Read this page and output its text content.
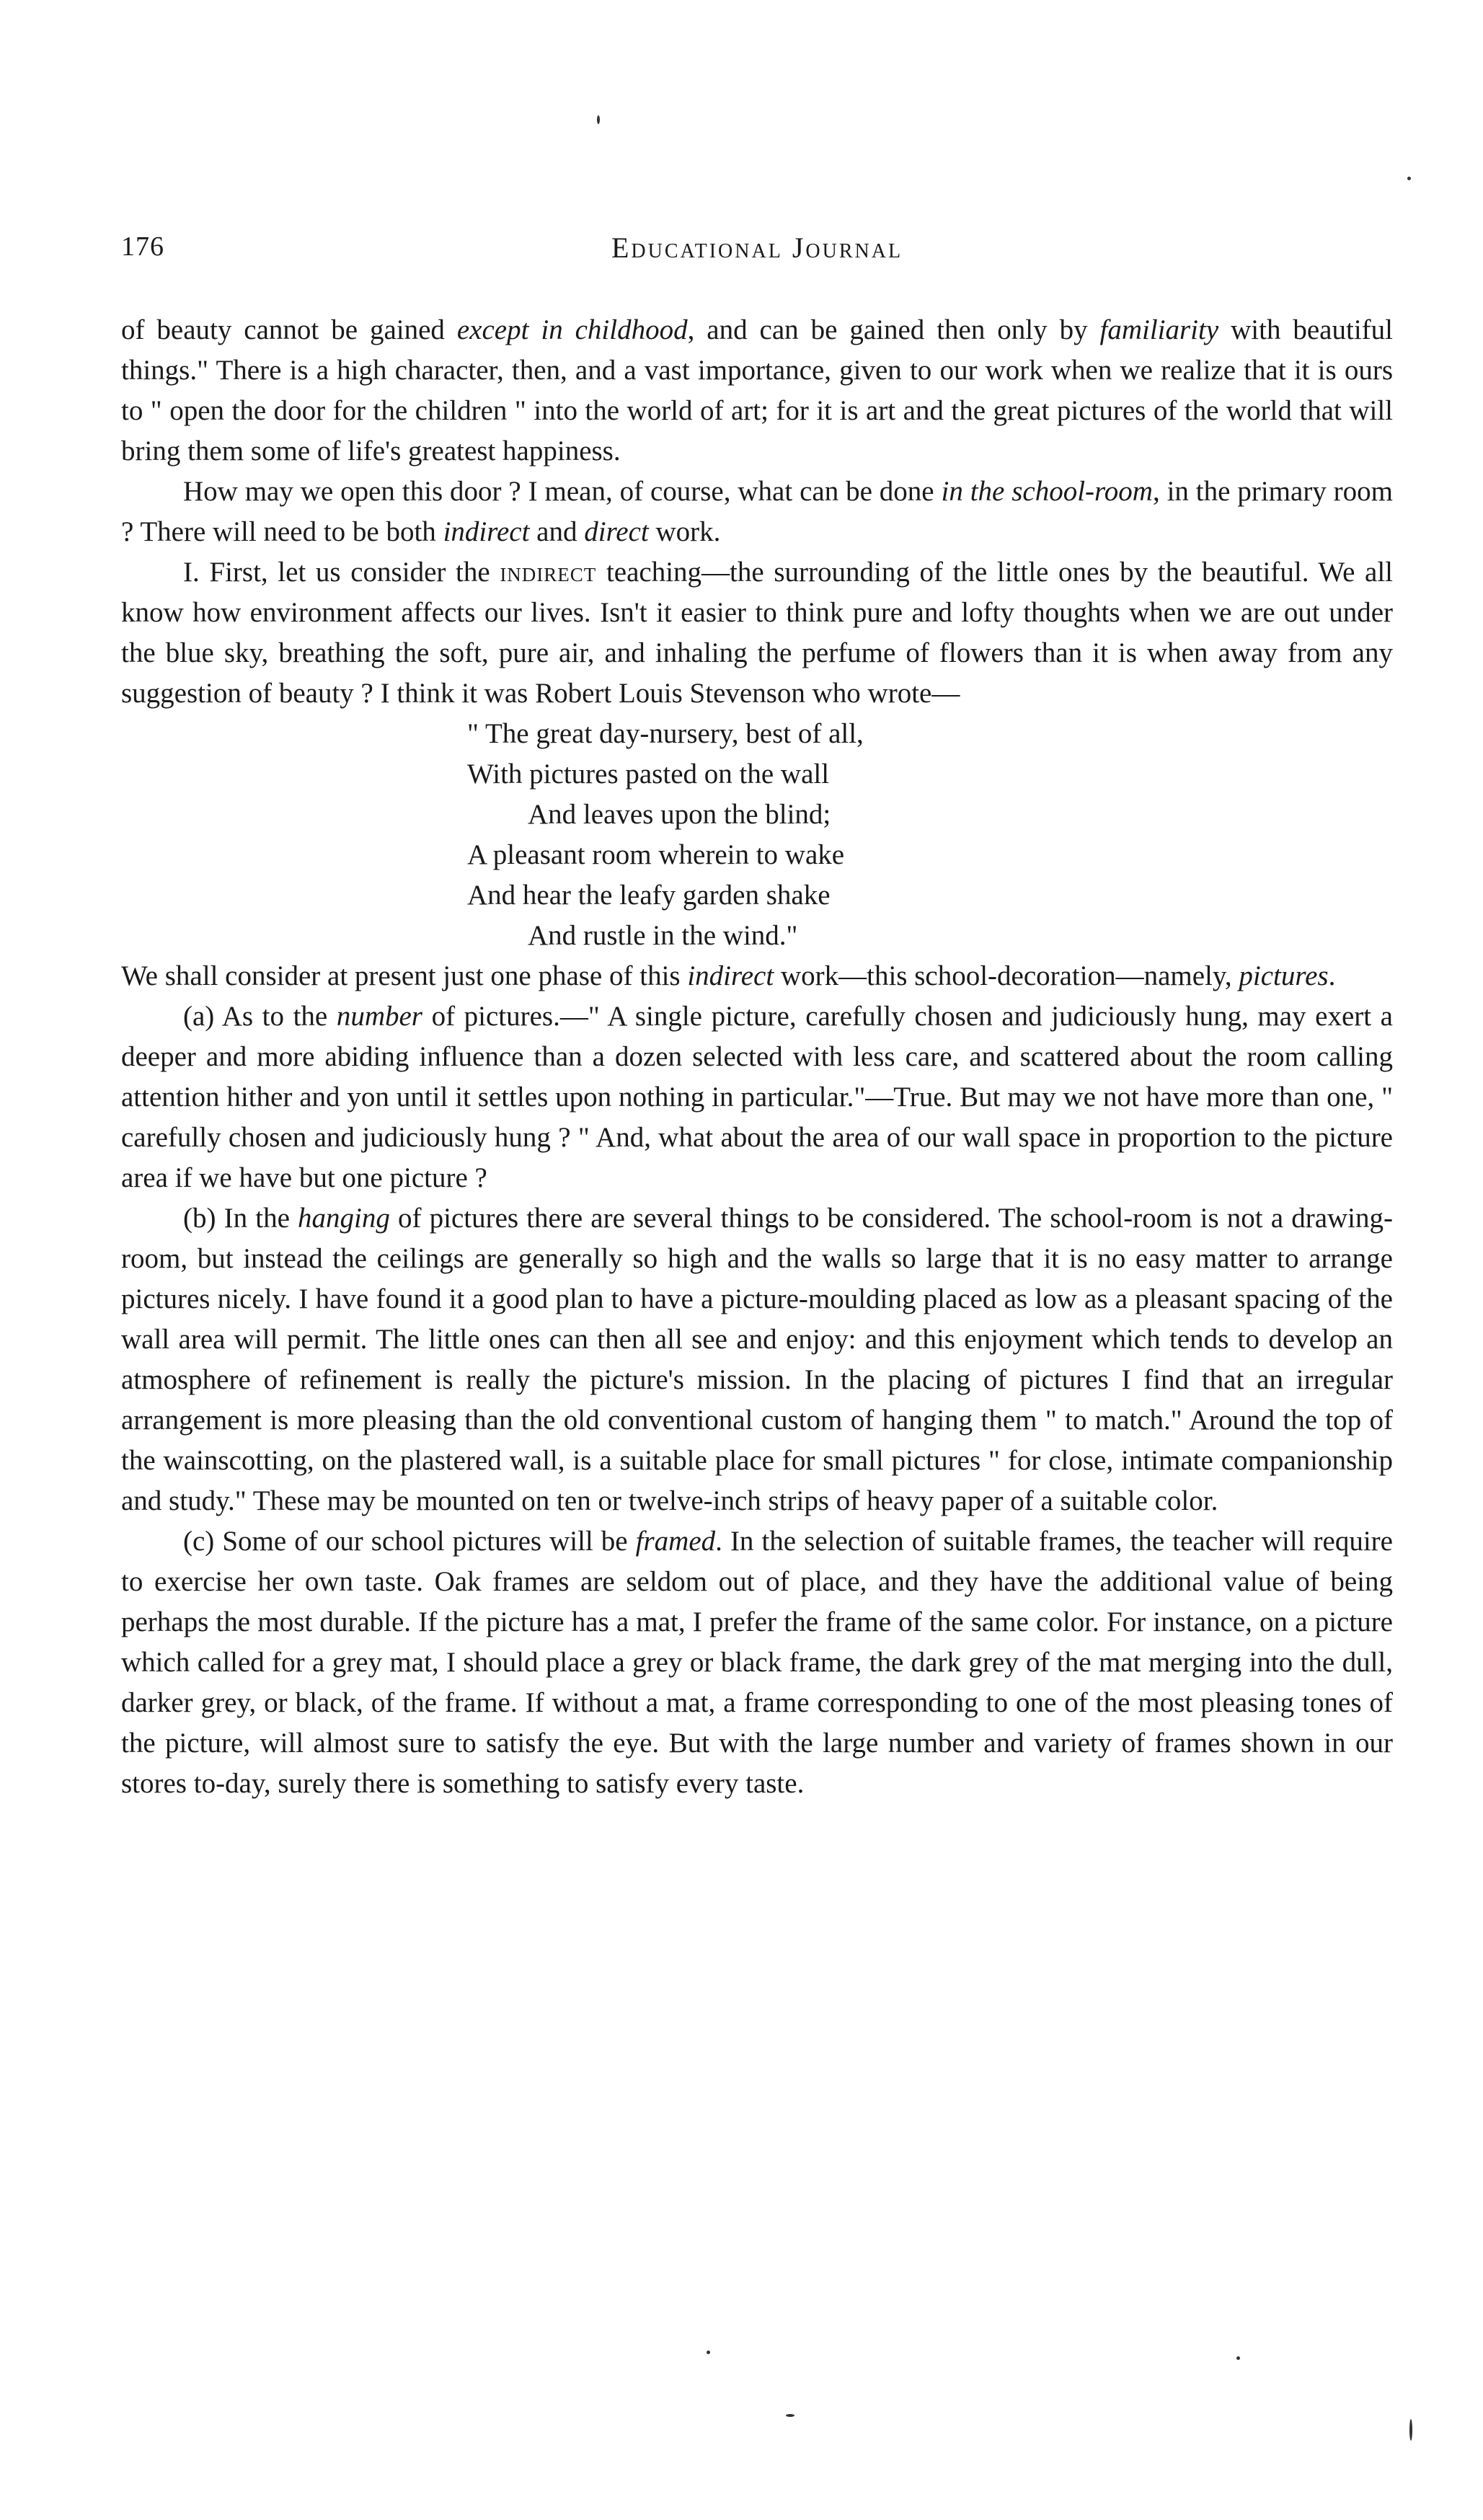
176	Educational Journal

of beauty cannot be gained except in childhood, and can be gained then only by familiarity with beautiful things." There is a high character, then, and a vast importance, given to our work when we realize that it is ours to " open the door for the children " into the world of art; for it is art and the great pictures of the world that will bring them some of life's greatest happiness.

How may we open this door ? I mean, of course, what can be done in the school-room, in the primary room ? There will need to be both indirect and direct work.

I. First, let us consider the indirect teaching—the surrounding of the little ones by the beautiful. We all know how environment affects our lives. Isn't it easier to think pure and lofty thoughts when we are out under the blue sky, breathing the soft, pure air, and inhaling the perfume of flowers than it is when away from any suggestion of beauty ? I think it was Robert Louis Stevenson who wrote—

" The great day-nursery, best of all,
With pictures pasted on the wall
And leaves upon the blind;
A pleasant room wherein to wake
And hear the leafy garden shake
And rustle in the wind."

We shall consider at present just one phase of this indirect work—this school-decoration—namely, pictures.

(a) As to the number of pictures.—" A single picture, carefully chosen and judiciously hung, may exert a deeper and more abiding influence than a dozen selected with less care, and scattered about the room calling attention hither and yon until it settles upon nothing in particular."—True. But may we not have more than one, " carefully chosen and judiciously hung ? " And, what about the area of our wall space in proportion to the picture area if we have but one picture ?

(b) In the hanging of pictures there are several things to be considered. The school-room is not a drawing-room, but instead the ceilings are generally so high and the walls so large that it is no easy matter to arrange pictures nicely. I have found it a good plan to have a picture-moulding placed as low as a pleasant spacing of the wall area will permit. The little ones can then all see and enjoy: and this enjoyment which tends to develop an atmosphere of refinement is really the picture's mission. In the placing of pictures I find that an irregular arrangement is more pleasing than the old conventional custom of hanging them " to match." Around the top of the wainscotting, on the plastered wall, is a suitable place for small pictures " for close, intimate companionship and study." These may be mounted on ten or twelve-inch strips of heavy paper of a suitable color.

(c) Some of our school pictures will be framed. In the selection of suitable frames, the teacher will require to exercise her own taste. Oak frames are seldom out of place, and they have the additional value of being perhaps the most durable. If the picture has a mat, I prefer the frame of the same color. For instance, on a picture which called for a grey mat, I should place a grey or black frame, the dark grey of the mat merging into the dull, darker grey, or black, of the frame. If without a mat, a frame corresponding to one of the most pleasing tones of the picture, will almost sure to satisfy the eye. But with the large number and variety of frames shown in our stores to-day, surely there is something to satisfy every taste.
